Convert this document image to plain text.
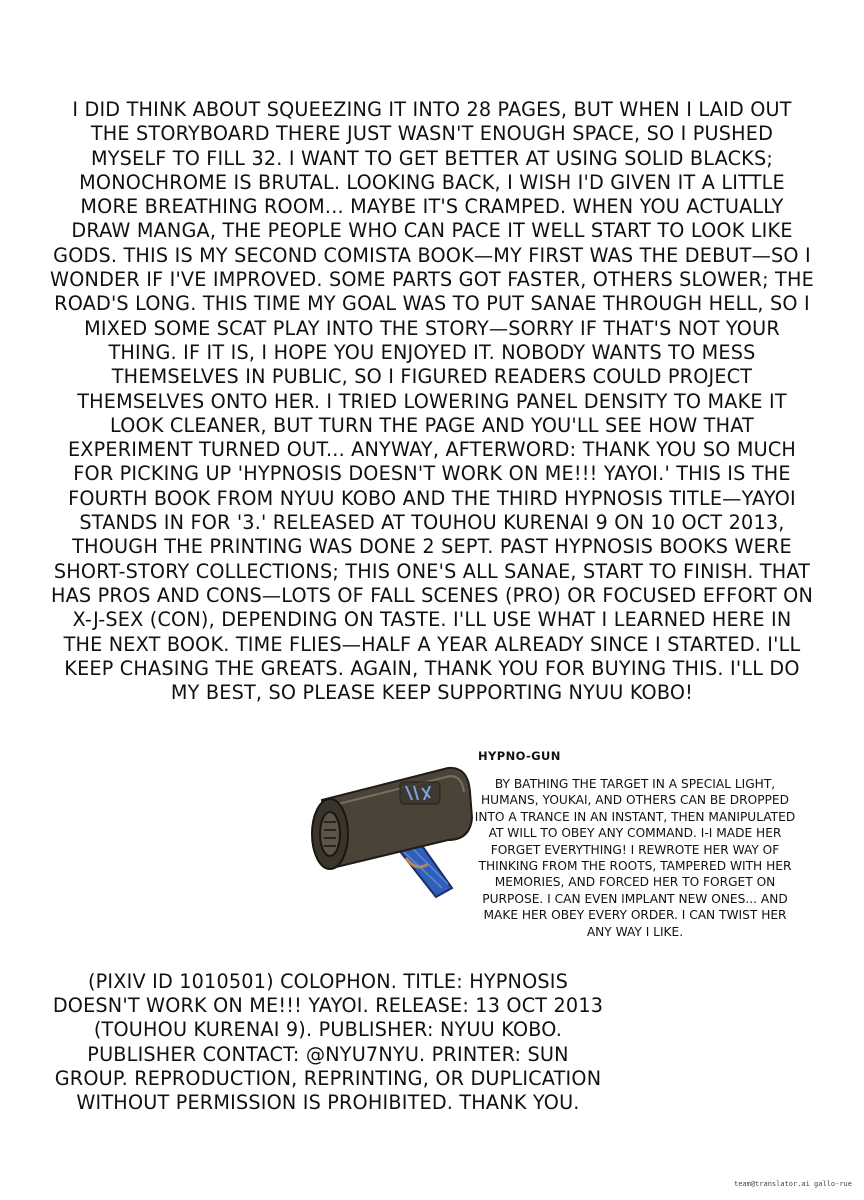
I DID THINK ABOUT SQUEEZING IT INTO 28 PAGES, BUT WHEN I LAID OUT THE STORYBOARD THERE JUST WASN'T ENOUGH SPACE, SO I PUSHED MYSELF TO FILL 32. I WANT TO GET BETTER AT USING SOLID BLACKS; MONOCHROME IS BRUTAL. LOOKING BACK, I WISH I'D GIVEN IT A LITTLE MORE BREATHING ROOM... MAYBE IT'S CRAMPED. WHEN YOU ACTUALLY DRAW MANGA, THE PEOPLE WHO CAN PACE IT WELL START TO LOOK LIKE GODS. THIS IS MY SECOND COMISTA BOOK—MY FIRST WAS THE DEBUT—SO I WONDER IF I'VE IMPROVED. SOME PARTS GOT FASTER, OTHERS SLOWER; THE ROAD'S LONG. THIS TIME MY GOAL WAS TO PUT SANAE THROUGH HELL, SO I MIXED SOME SCAT PLAY INTO THE STORY—SORRY IF THAT'S NOT YOUR THING. IF IT IS, I HOPE YOU ENJOYED IT. NOBODY WANTS TO MESS THEMSELVES IN PUBLIC, SO I FIGURED READERS COULD PROJECT THEMSELVES ONTO HER. I TRIED LOWERING PANEL DENSITY TO MAKE IT LOOK CLEANER, BUT TURN THE PAGE AND YOU'LL SEE HOW THAT EXPERIMENT TURNED OUT... ANYWAY, AFTERWORD: THANK YOU SO MUCH FOR PICKING UP 'HYPNOSIS DOESN'T WORK ON ME!!! YAYOI.' THIS IS THE FOURTH BOOK FROM NYUU KOBO AND THE THIRD HYPNOSIS TITLE—YAYOI STANDS IN FOR '3.' RELEASED AT TOUHOU KURENAI 9 ON 10 OCT 2013, THOUGH THE PRINTING WAS DONE 2 SEPT. PAST HYPNOSIS BOOKS WERE SHORT-STORY COLLECTIONS; THIS ONE'S ALL SANAE, START TO FINISH. THAT HAS PROS AND CONS—LOTS OF FALL SCENES (PRO) OR FOCUSED EFFORT ON X-J-SEX (CON), DEPENDING ON TASTE. I'LL USE WHAT I LEARNED HERE IN THE NEXT BOOK. TIME FLIES—HALF A YEAR ALREADY SINCE I STARTED. I'LL KEEP CHASING THE GREATS. AGAIN, THANK YOU FOR BUYING THIS. I'LL DO MY BEST, SO PLEASE KEEP SUPPORTING NYUU KOBO!

HYPNO-GUN

BY BATHING THE TARGET IN A SPECIAL LIGHT, HUMANS, YOUKAI, AND OTHERS CAN BE DROPPED INTO A TRANCE IN AN INSTANT, THEN MANIPULATED AT WILL TO OBEY ANY COMMAND. I-I MADE HER FORGET EVERYTHING! I REWROTE HER WAY OF THINKING FROM THE ROOTS, TAMPERED WITH HER MEMORIES, AND FORCED HER TO FORGET ON PURPOSE. I CAN EVEN IMPLANT NEW ONES... AND MAKE HER OBEY EVERY ORDER. I CAN TWIST HER ANY WAY I LIKE.

(PIXIV ID 1010501) COLOPHON. TITLE: HYPNOSIS DOESN'T WORK ON ME!!! YAYOI. RELEASE: 13 OCT 2013 (TOUHOU KURENAI 9). PUBLISHER: NYUU KOBO. PUBLISHER CONTACT: @NYU7NYU. PRINTER: SUN GROUP. REPRODUCTION, REPRINTING, OR DUPLICATION WITHOUT PERMISSION IS PROHIBITED. THANK YOU.

team@translator.ai gallo-rue
